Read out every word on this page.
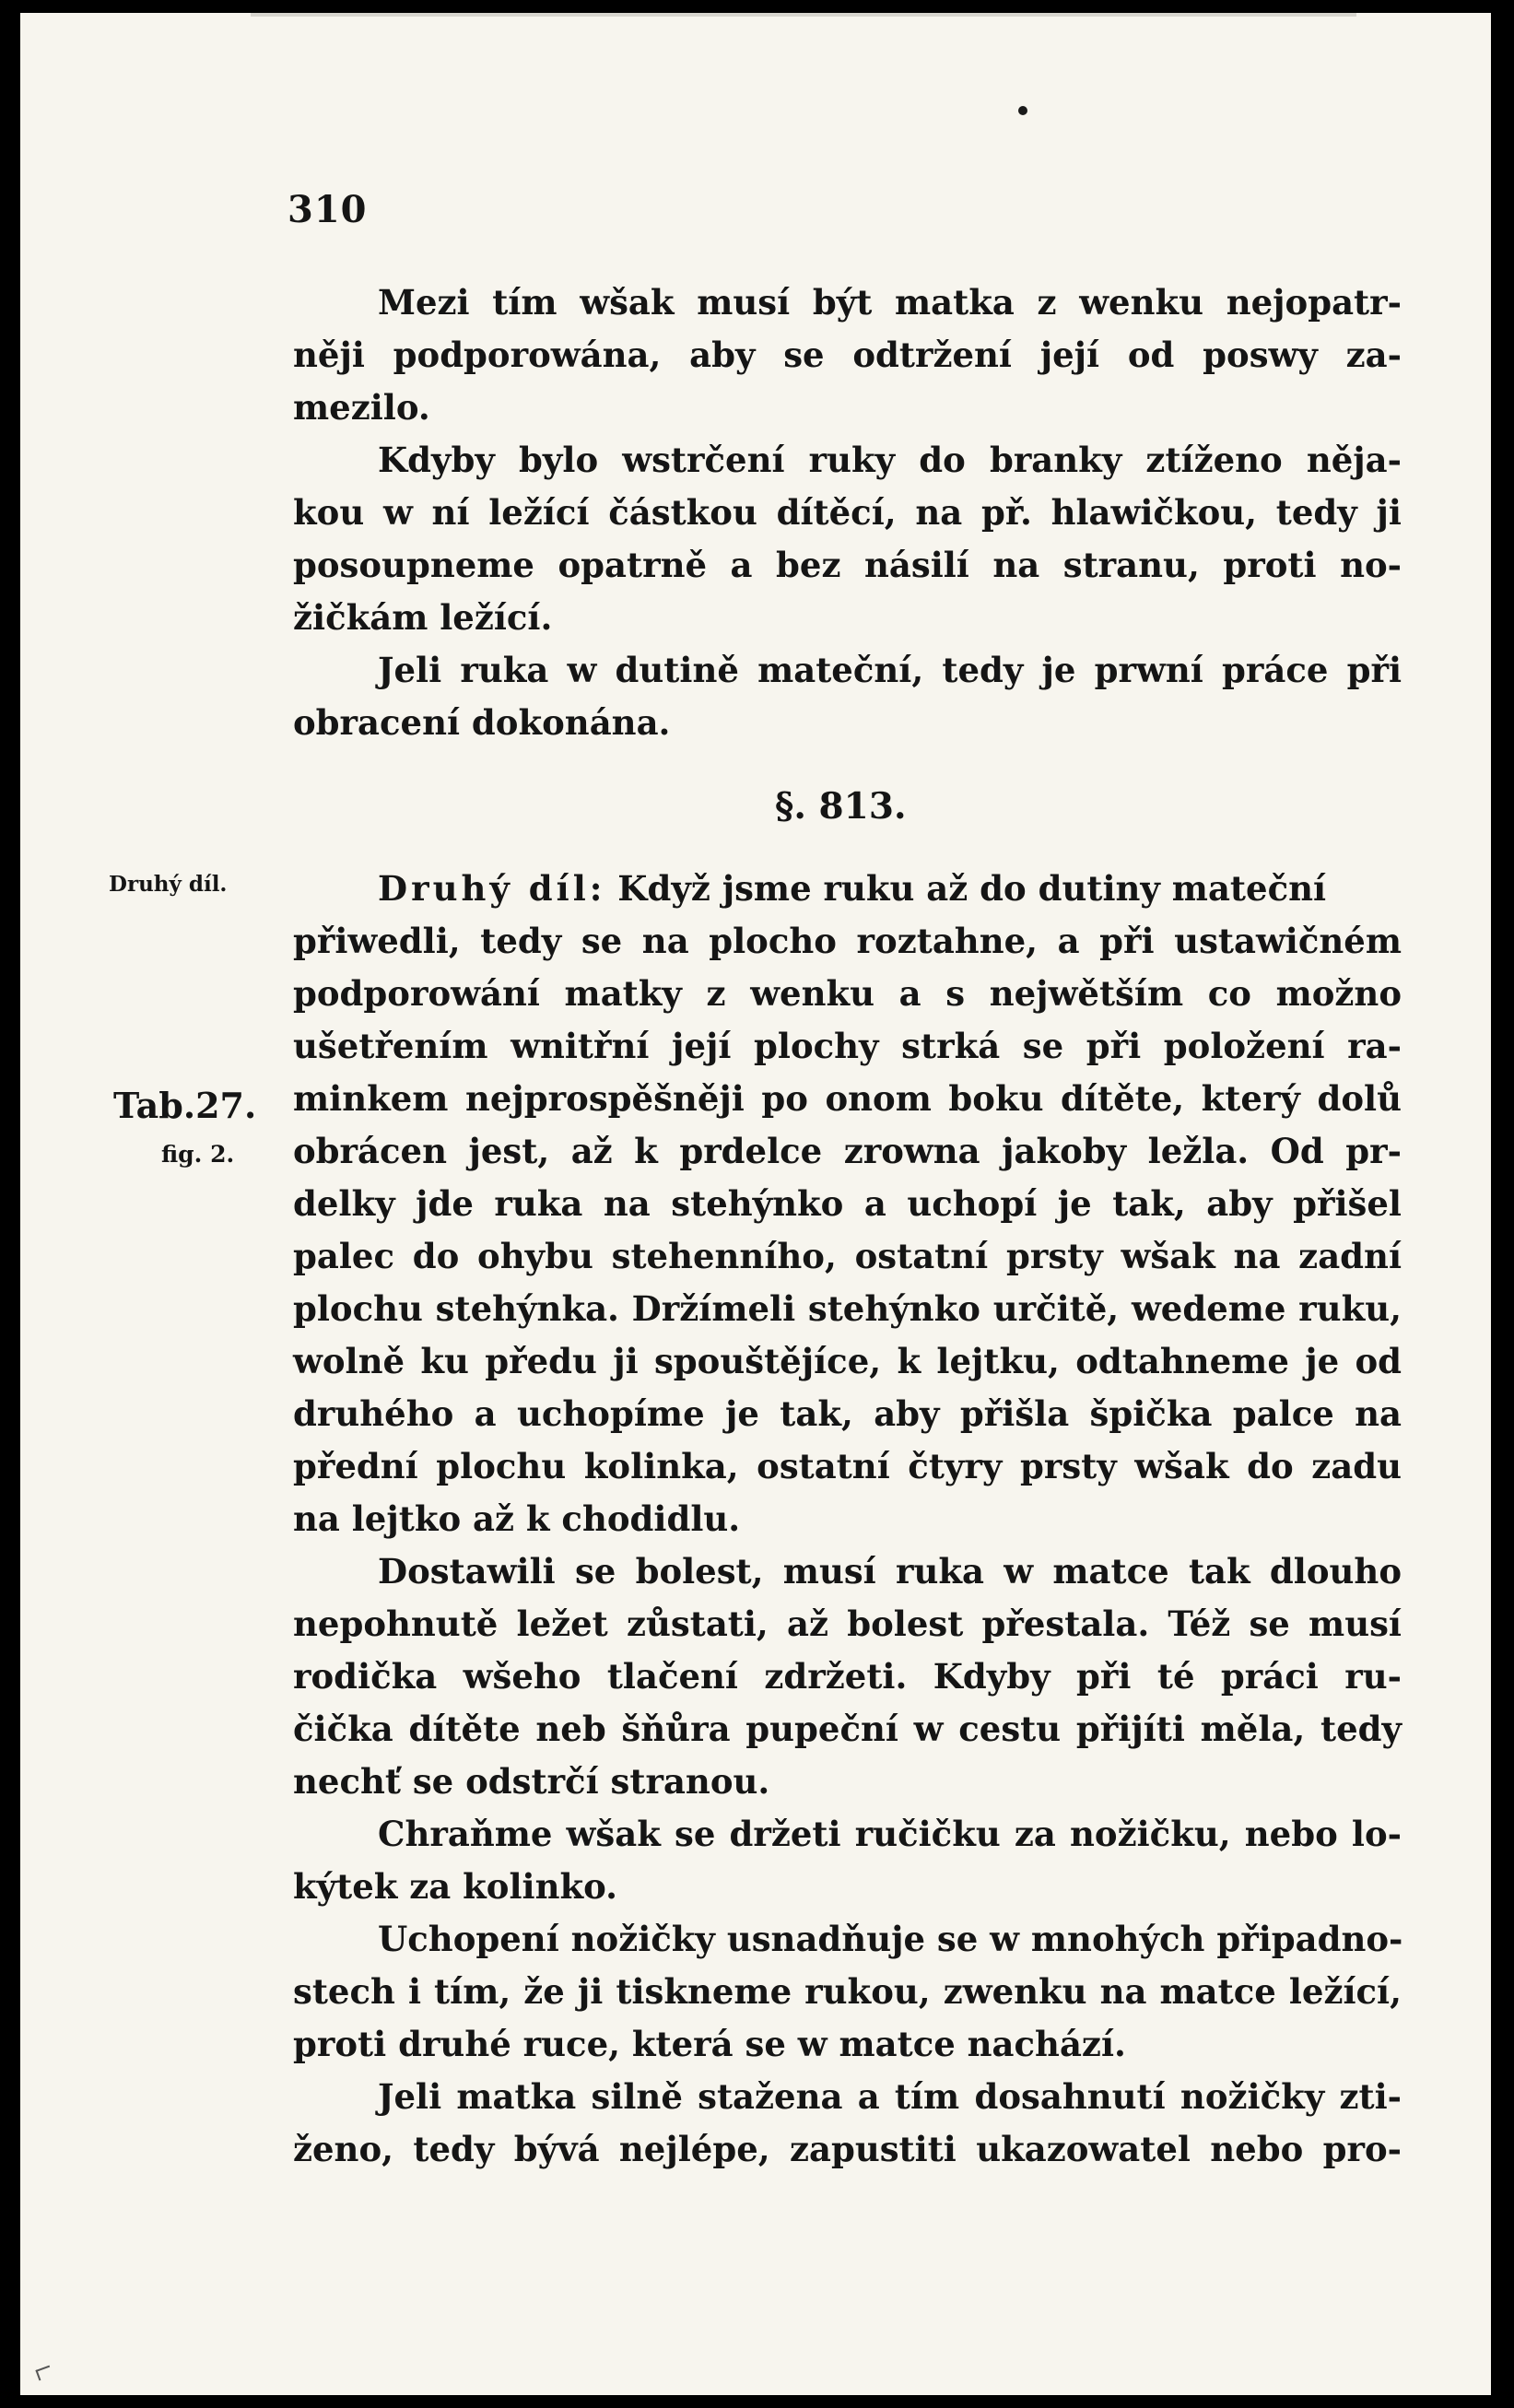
310
Mezi tím wšak musí být matka z wenku nejopatr-
něji podporowána, aby se odtržení její od poswy za-
mezilo.
Kdyby bylo wstrčení ruky do branky ztíženo něja-
kou w ní ležící částkou dítěcí, na př. hlawičkou, tedy ji
posoupneme opatrně a bez násilí na stranu, proti no-
žičkám ležící.
Jeli ruka w dutině mateční, tedy je prwní práce při
obracení dokonána.
§. 813.
Druhý díl.
Tab.27.
fig. 2.
Druhý díl: Když jsme ruku až do dutiny mateční
přiwedli, tedy se na plocho roztahne, a při ustawičném
podporowání matky z wenku a s nejwětším co možno
ušetřením wnitřní její plochy strká se při položení ra-
minkem nejprospěšněji po onom boku dítěte, který dolů
obrácen jest, až k prdelce zrowna jakoby ležla. Od pr-
delky jde ruka na stehýnko a uchopí je tak, aby přišel
palec do ohybu stehenního, ostatní prsty wšak na zadní
plochu stehýnka. Držímeli stehýnko určitě, wedeme ruku,
wolně ku předu ji spouštějíce, k lejtku, odtahneme je od
druhého a uchopíme je tak, aby přišla špička palce na
přední plochu kolinka, ostatní čtyry prsty wšak do zadu
na lejtko až k chodidlu.
Dostawili se bolest, musí ruka w matce tak dlouho
nepohnutě ležet zůstati, až bolest přestala. Též se musí
rodička wšeho tlačení zdržeti. Kdyby při té práci ru-
čička dítěte neb šňůra pupeční w cestu přijíti měla, tedy
nechť se odstrčí stranou.
Chraňme wšak se držeti ručičku za nožičku, nebo lo-
kýtek za kolinko.
Uchopení nožičky usnadňuje se w mnohých připadno-
stech i tím, že ji tiskneme rukou, zwenku na matce ležící,
proti druhé ruce, která se w matce nachází.
Jeli matka silně stažena a tím dosahnutí nožičky zti-
ženo, tedy bývá nejlépe, zapustiti ukazowatel nebo pro-
